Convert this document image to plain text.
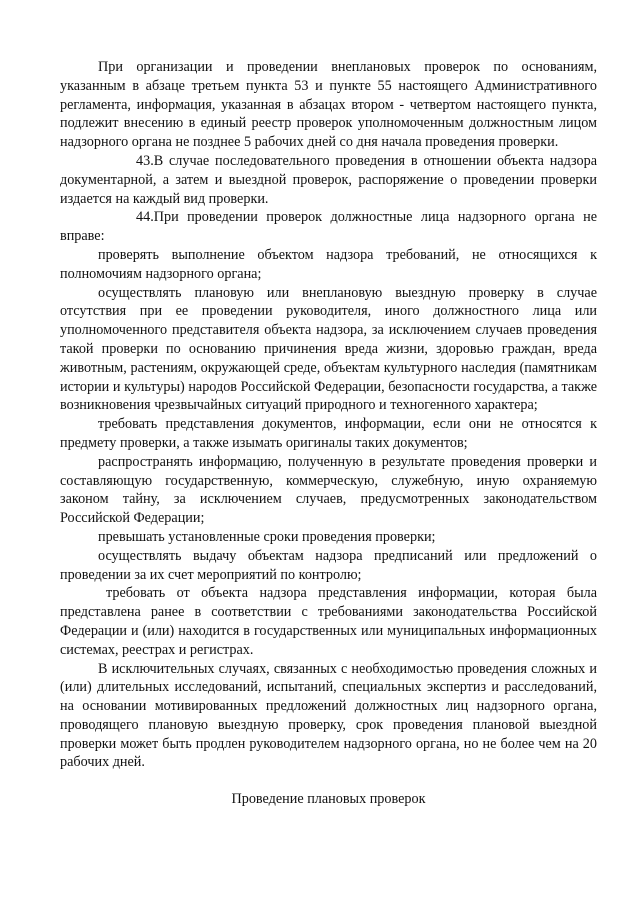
При организации и проведении внеплановых проверок по основаниям, указанным в абзаце третьем пункта 53 и пункте 55 настоящего Административного регламента, информация, указанная в абзацах втором - четвертом настоящего пункта, подлежит внесению в единый реестр проверок уполномоченным должностным лицом надзорного органа не позднее 5 рабочих дней со дня начала проведения проверки.

43.В случае последовательного проведения в отношении объекта надзора документарной, а затем и выездной проверок, распоряжение о проведении проверки издается на каждый вид проверки.

44.При проведении проверок должностные лица надзорного органа не вправе:

проверять выполнение объектом надзора требований, не относящихся к полномочиям надзорного органа;

осуществлять плановую или внеплановую выездную проверку в случае отсутствия при ее проведении руководителя, иного должностного лица или уполномоченного представителя объекта надзора, за исключением случаев проведения такой проверки по основанию причинения вреда жизни, здоровью граждан, вреда животным, растениям, окружающей среде, объектам культурного наследия (памятникам истории и культуры) народов Российской Федерации, безопасности государства, а также возникновения чрезвычайных ситуаций природного и техногенного характера;

требовать представления документов, информации, если они не относятся к предмету проверки, а также изымать оригиналы таких документов;

распространять информацию, полученную в результате проведения проверки и составляющую государственную, коммерческую, служебную, иную охраняемую законом тайну, за исключением случаев, предусмотренных законодательством Российской Федерации;

превышать установленные сроки проведения проверки;

осуществлять выдачу объектам надзора предписаний или предложений о проведении за их счет мероприятий по контролю;

требовать от объекта надзора представления информации, которая была представлена ранее в соответствии с требованиями законодательства Российской Федерации и (или) находится в государственных или муниципальных информационных системах, реестрах и регистрах.

В исключительных случаях, связанных с необходимостью проведения сложных и (или) длительных исследований, испытаний, специальных экспертиз и расследований, на основании мотивированных предложений должностных лиц надзорного органа, проводящего плановую выездную проверку, срок проведения плановой выездной проверки может быть продлен руководителем надзорного органа, но не более чем на 20 рабочих дней.

Проведение плановых проверок
